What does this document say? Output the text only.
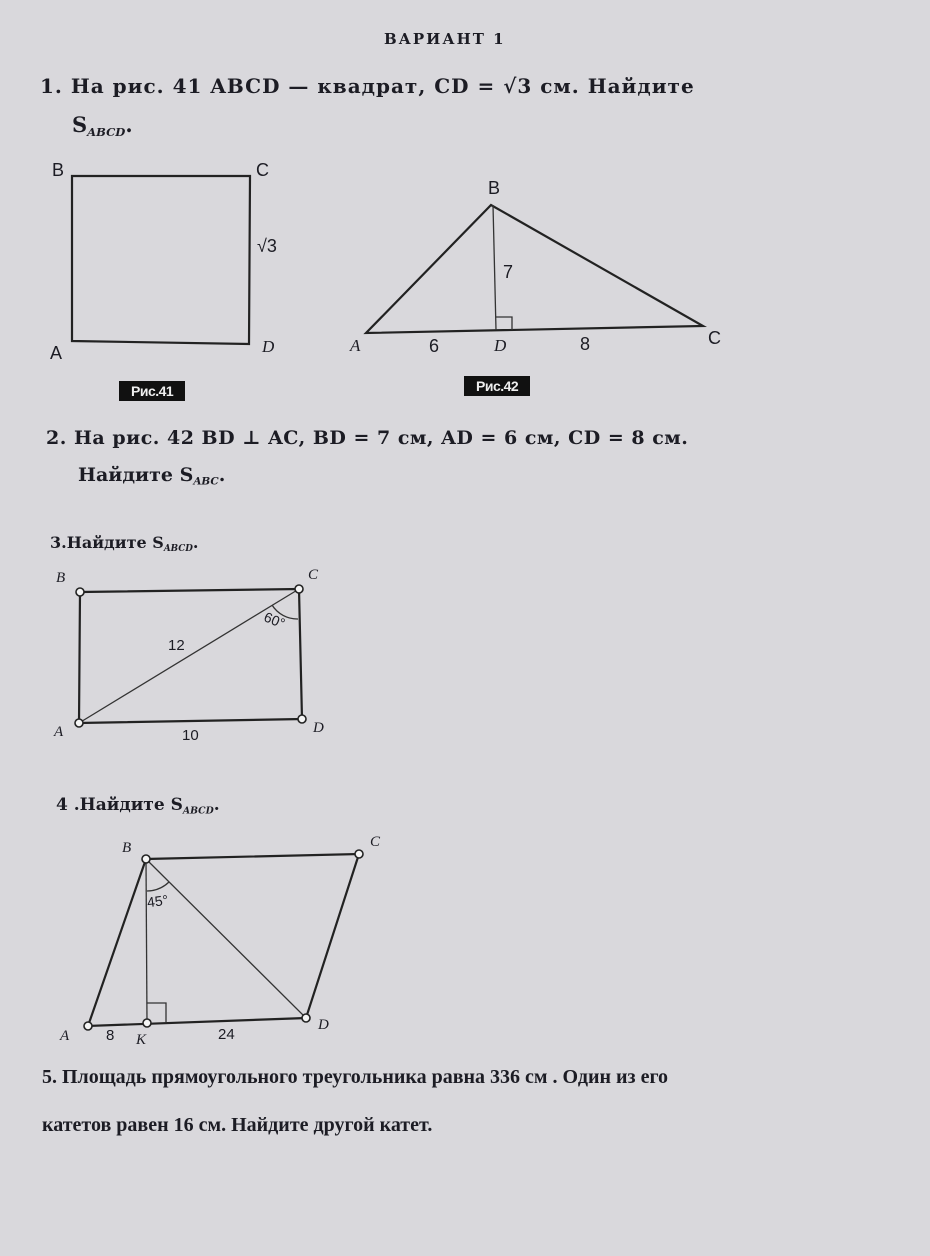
ВАРИАНТ 1
1. На рис. 41 ABCD — квадрат, CD = √3 см. Найдите
$S_{ABCD}$.
B	C
A	D
√3
Рис.41
B
A	D	C
7
6	8
Рис.42
2. На рис. 42 BD ⊥ AC, BD = 7 см, AD = 6 см, CD = 8 см.
Найдите $S_{ABC}$.
3.Найдите $S_{ABCD}$.
B	C
A	D
12
10
60°
4 .Найдите $S_{ABCD}$.
B	C
A
D
K
8	24
45°
5. Площадь прямоугольного треугольника равна 336 см . Один из его
катетов равен 16 см. Найдите другой катет.
